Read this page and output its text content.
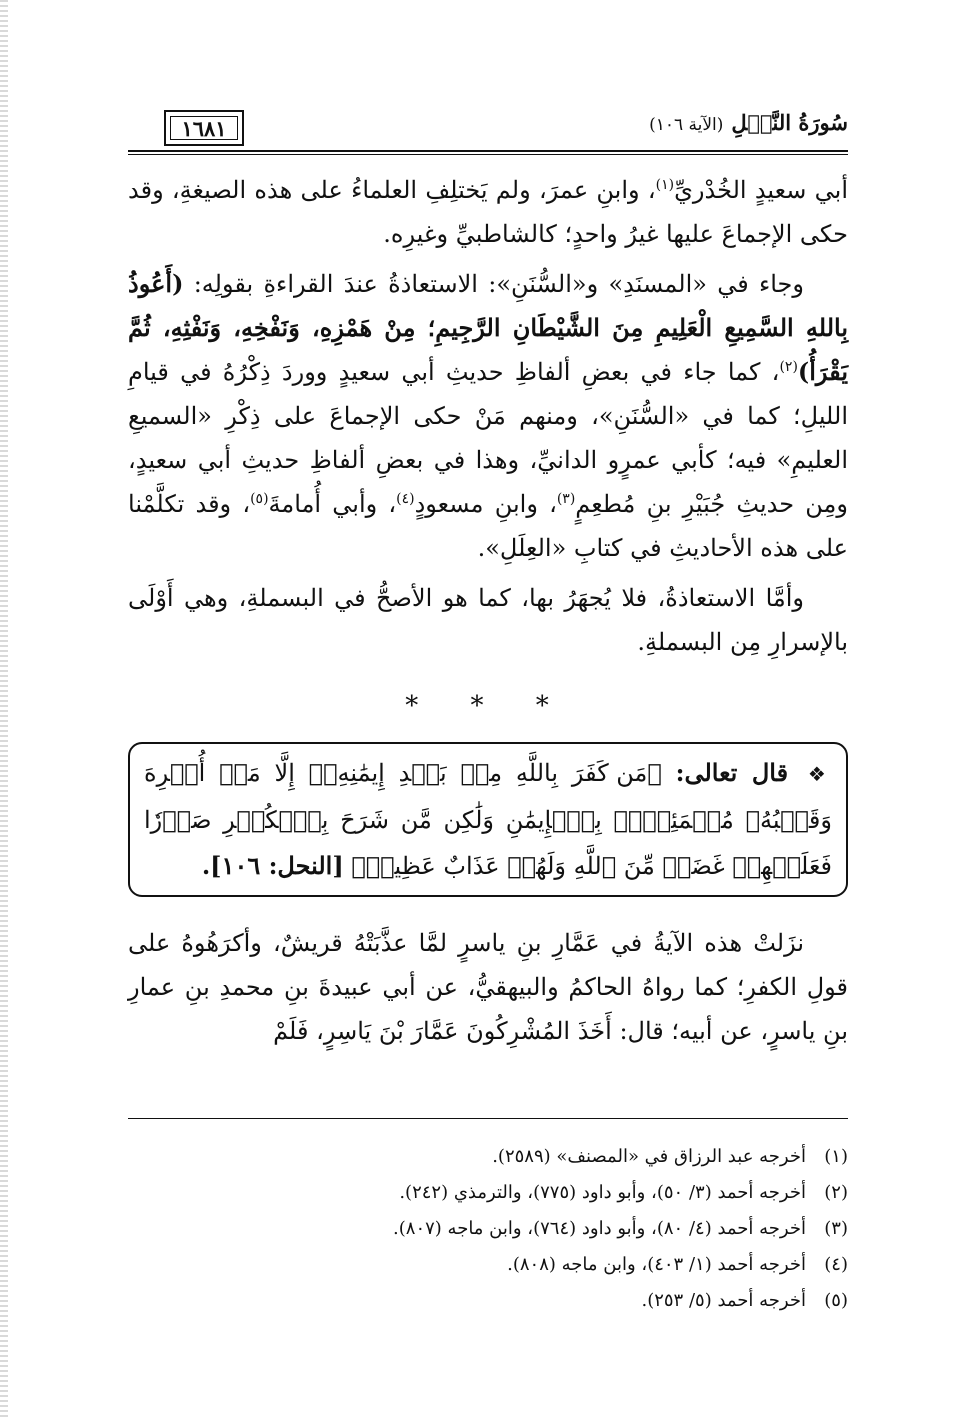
١٦٨١	سُورَةُ النَّحۡلِ
(الآية ١٠٦)

أبي سعيدٍ الخُدْريِّ$^{(١)}$، وابنِ عمرَ، ولم يَختلِفِ العلماءُ على هذه الصيغةِ، وقد حكى الإجماعَ عليها غيرُ واحدٍ؛ كالشاطبيِّ وغيرِه.

وجاء في «المسنَدِ» و«السُّنَنِ»: الاستعاذةُ عندَ القراءةِ بقولِه: (أَعُوذُ بِاللهِ السَّمِيعِ الْعَلِيمِ مِنَ الشَّيْطَانِ الرَّجِيمِ؛ مِنْ هَمْزِهِ، وَنَفْخِهِ، وَنَفْثِهِ، ثُمَّ يَقْرَأُ)$^{(٢)}$، كما جاء في بعضِ ألفاظِ حديثِ أبي سعيدٍ ووردَ ذِكْرُهُ في قيامِ الليلِ؛ كما في «السُّنَنِ»، ومنهم مَنْ حكى الإجماعَ على ذِكْرِ «السميعِ العليمِ» فيه؛ كأبي عمرٍو الدانيِّ، وهذا في بعضِ ألفاظِ حديثِ أبي سعيدٍ، ومِن حديثِ جُبَيْرِ بنِ مُطعِمٍ$^{(٣)}$، وابنِ مسعودٍ$^{(٤)}$، وأبي أُمامةَ$^{(٥)}$، وقد تكلَّمْنا على هذه الأحاديثِ في كتابِ «العِلَلِ».

وأمَّا الاستعاذةُ، فلا يُجهَرُ بها، كما هو الأصحُّ في البسملةِ، وهي أَوْلَى بالإسرارِ مِن البسملةِ.

* * *
❖ قال تعالى: ﴿مَن كَفَرَ بِاللَّهِ مِنۢ بَعۡدِ إِيمَٰنِهِۦٓ إِلَّا مَنۡ أُكۡرِهَ وَقَلۡبُهُۥ مُطۡمَئِنُّۢ بِٱلۡإِيمَٰنِ وَلَٰكِن مَّن شَرَحَ بِٱلۡكُفۡرِ صَدۡرٗا فَعَلَيۡهِمۡ غَضَبٞ مِّنَ ٱللَّهِ وَلَهُمۡ عَذَابٌ عَظِيمٞ﴾ [النحل: ١٠٦].

نزَلتْ هذه الآيةُ في عَمَّارِ بنِ ياسرٍ لمَّا عذَّبَتْهُ قريشٌ، وأكرَهُوهُ على قولِ الكفرِ؛ كما رواهُ الحاكمُ والبيهقيُّ، عن أبي عبيدةَ بنِ محمدِ بنِ عمارِ بنِ ياسرٍ، عن أبيه؛ قال: أَخَذَ المُشْرِكُونَ عَمَّارَ بْنَ يَاسِرٍ، فَلَمْ

(١)
أخرجه عبد الرزاق في «المصنف» (٢٥٨٩).
(٢)
أخرجه أحمد (٣/ ٥٠)، وأبو داود (٧٧٥)، والترمذي (٢٤٢).
(٣)
أخرجه أحمد (٤/ ٨٠)، وأبو داود (٧٦٤)، وابن ماجه (٨٠٧).
(٤)
أخرجه أحمد (١/ ٤٠٣)، وابن ماجه (٨٠٨).
(٥)
أخرجه أحمد (٥/ ٢٥٣).
